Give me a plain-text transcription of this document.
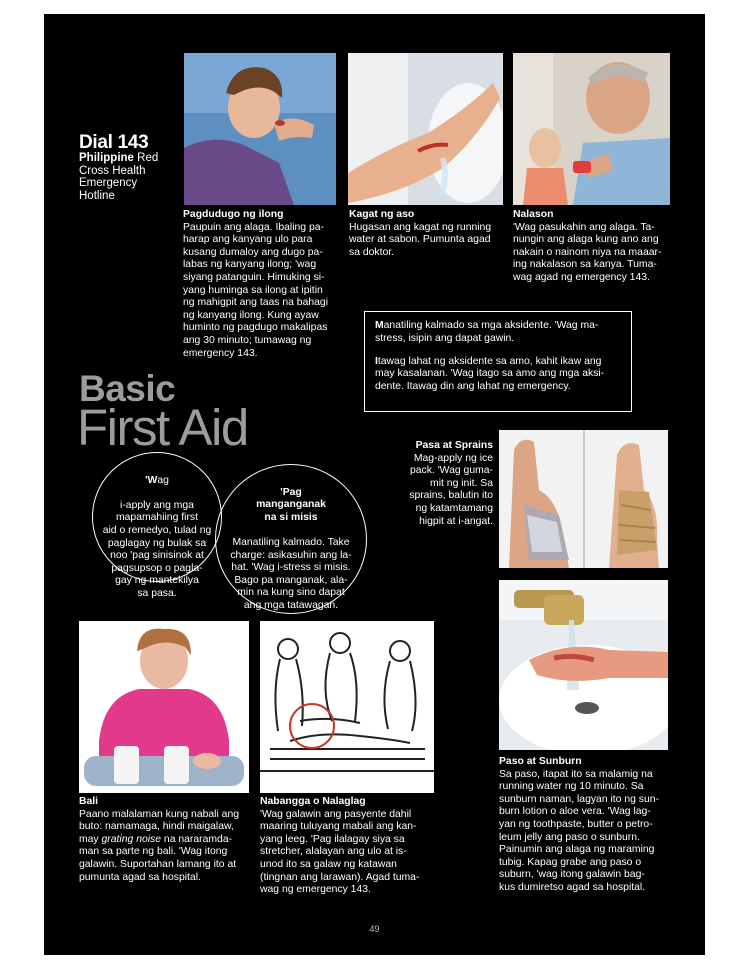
Dial 143
Philippine Red
Cross Health
Emergency
Hotline
Pagdudugo ng ilong
Paupuin ang alaga. Ibaling pa-
harap ang kanyang ulo para
kusang dumaloy ang dugo pa-
labas ng kanyang ilong; 'wag
siyang patanguin. Himuking si-
yang huminga sa ilong at ipitin
ng mahigpit ang taas na bahagi
ng kanyang ilong. Kung ayaw
huminto ng pagdugo makalipas
ang 30 minuto; tumawag ng
emergency 143.
Kagat ng aso
Hugasan ang kagat ng running
water at sabon. Pumunta agad
sa doktor.
Nalason
'Wag pasukahin ang alaga. Ta-
nungin ang alaga kung ano ang
nakain o nainom niya na maaar-
ing nakalason sa kanya. Tuma-
wag agad ng emergency 143.

Manatiling kalmado sa mga aksidente. 'Wag ma-
stress, isipin ang dapat gawin.

Itawag lahat ng aksidente sa amo, kahit ikaw ang
may kasalanan. 'Wag itago sa amo ang mga aksi-
dente. Itawag din ang lahat ng emergency.

Basic
First Aid

'Wag

i-apply ang mga
mapamahiing first
aid o remedyo, tulad ng
paglagay ng bulak sa
noo 'pag sinisinok at
pagsupsop o pagla-
gay ng mantekilya
sa pasa.

'Pag
manganganak
na si misis

Manatiling kalmado. Take
charge: asikasuhin ang la-
hat. 'Wag i-stress si misis.
Bago pa manganak, ala-
min na kung sino dapat
ang mga tatawagan.

Pasa at Sprains
Mag-apply ng ice
pack. 'Wag guma-
mit ng init. Sa
sprains, balutin ito
ng katamtamang
higpit at i-angat.
Paso at Sunburn
Sa paso, itapat ito sa malamig na
running water ng 10 minuto. Sa
sunburn naman, lagyan ito ng sun-
burn lotion o aloe vera. 'Wag lag-
yan ng toothpaste, butter o petro-
leum jelly ang paso o sunburn.
Painumin ang alaga ng maraming
tubig. Kapag grabe ang paso o
suburn, 'wag itong galawin bag-
kus dumiretso agad sa hospital.
Bali
Paano malalaman kung nabali ang
buto: namamaga, hindi maigalaw,
may grating noise na nararamda-
man sa parte ng bali. 'Wag itong
galawin. Suportahan lamang ito at
pumunta agad sa hospital.
Nabangga o Nalaglag
'Wag galawin ang pasyente dahil
maaring tuluyang mabali ang kan-
yang leeg. 'Pag ilalagay siya sa
stretcher, alalayan ang ulo at is-
unod ito sa galaw ng katawan
(tingnan ang larawan). Agad tuma-
wag ng emergency 143.
49
